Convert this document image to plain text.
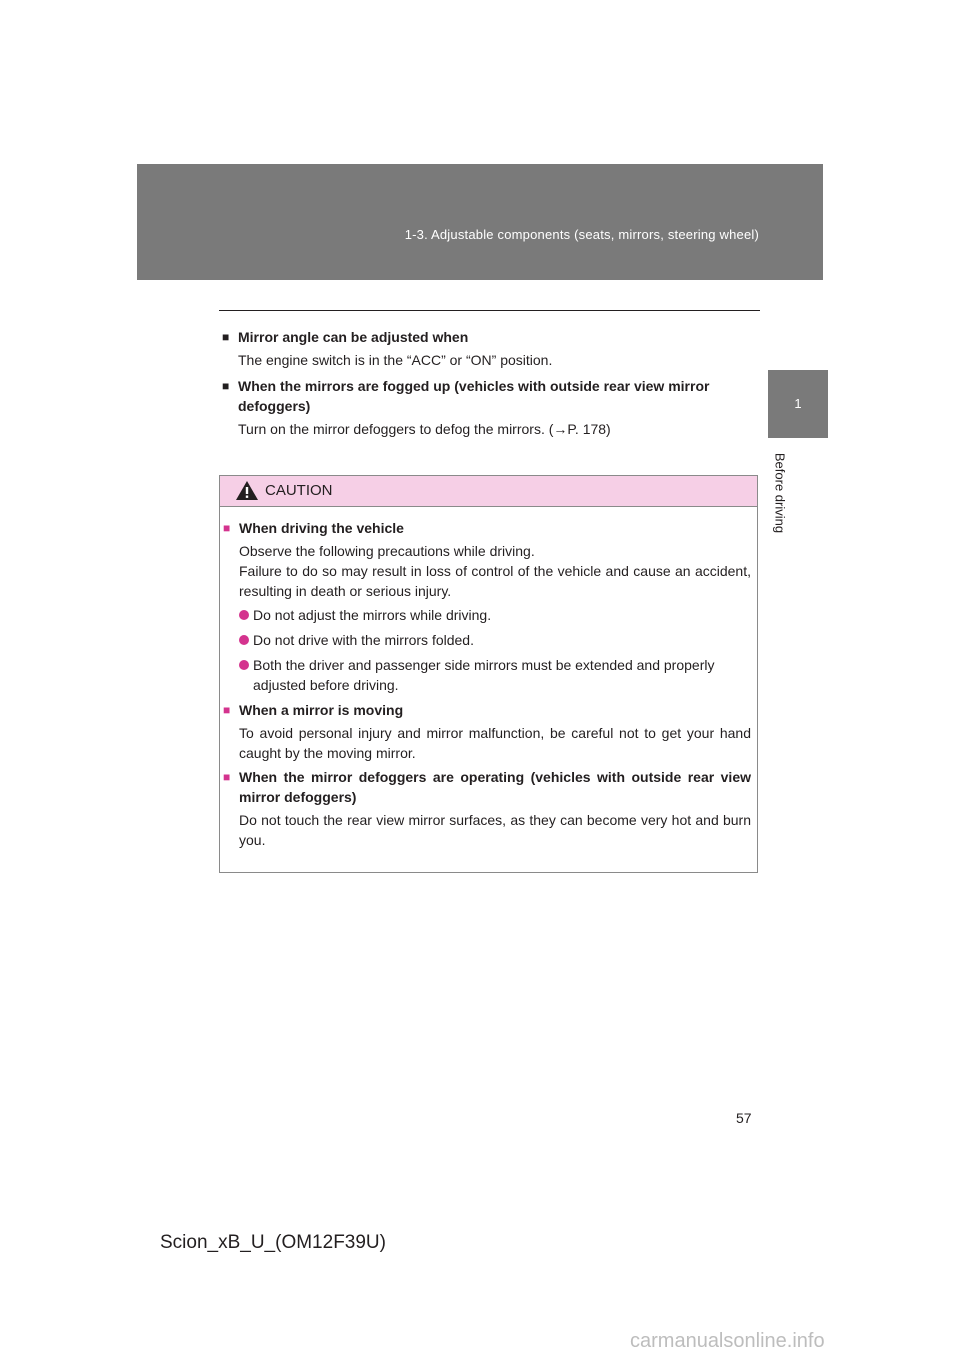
1-3. Adjustable components (seats, mirrors, steering wheel)
1
Before driving
■ Mirror angle can be adjusted when
The engine switch is in the “ACC” or “ON” position.
■ When the mirrors are fogged up (vehicles with outside rear view mirror defoggers)
Turn on the mirror defoggers to defog the mirrors. (→P. 178)
CAUTION
■ When driving the vehicle
Observe the following precautions while driving.
Failure to do so may result in loss of control of the vehicle and cause an accident, resulting in death or serious injury.
Do not adjust the mirrors while driving.
Do not drive with the mirrors folded.
Both the driver and passenger side mirrors must be extended and properly adjusted before driving.
■ When a mirror is moving
To avoid personal injury and mirror malfunction, be careful not to get your hand caught by the moving mirror.
■ When the mirror defoggers are operating (vehicles with outside rear view mirror defoggers)
Do not touch the rear view mirror surfaces, as they can become very hot and burn you.
57
Scion_xB_U_(OM12F39U)
carmanualsonline.info
